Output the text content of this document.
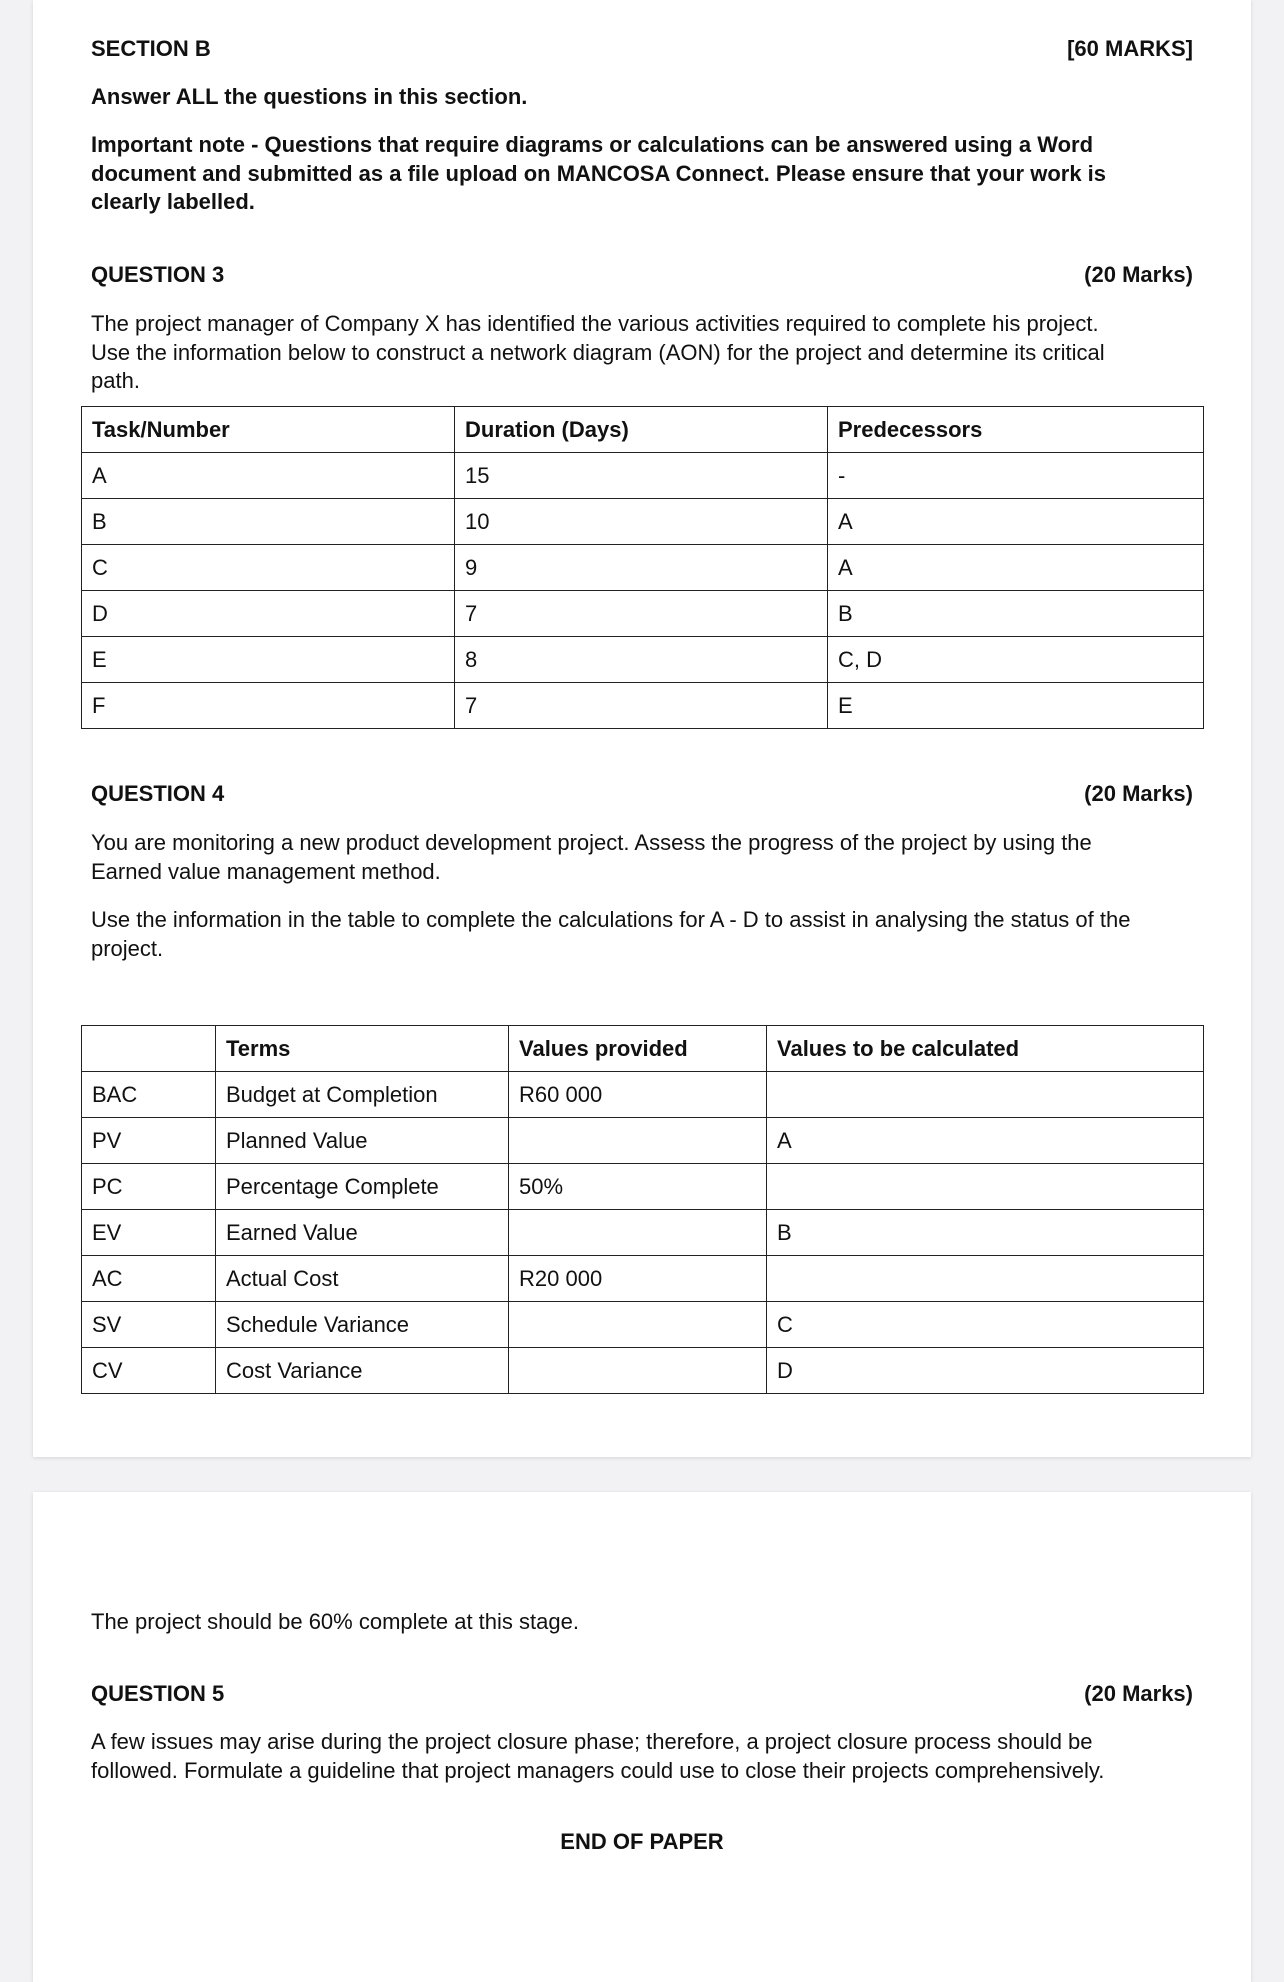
SECTION B	[60 MARKS]

Answer ALL the questions in this section.

Important note - Questions that require diagrams or calculations can be answered using a Word document and submitted as a file upload on MANCOSA Connect. Please ensure that your work is clearly labelled.

QUESTION 3	(20 Marks)

The project manager of Company X has identified the various activities required to complete his project. Use the information below to construct a network diagram (AON) for the project and determine its critical path.

Task/Number	Duration (Days)	Predecessors
A	15	-
B	10	A
C	9	A
D	7	B
E	8	C, D
F	7	E
QUESTION 4	(20 Marks)

You are monitoring a new product development project. Assess the progress of the project by using the Earned value management method.

Use the information in the table to complete the calculations for A - D to assist in analysing the status of the project.

	Terms	Values provided	Values to be calculated
BAC	Budget at Completion	R60 000	
PV	Planned Value		A
PC	Percentage Complete	50%	
EV	Earned Value		B
AC	Actual Cost	R20 000	
SV	Schedule Variance		C
CV	Cost Variance		D

The project should be 60% complete at this stage.

QUESTION 5	(20 Marks)

A few issues may arise during the project closure phase; therefore, a project closure process should be followed. Formulate a guideline that project managers could use to close their projects comprehensively.

END OF PAPER
